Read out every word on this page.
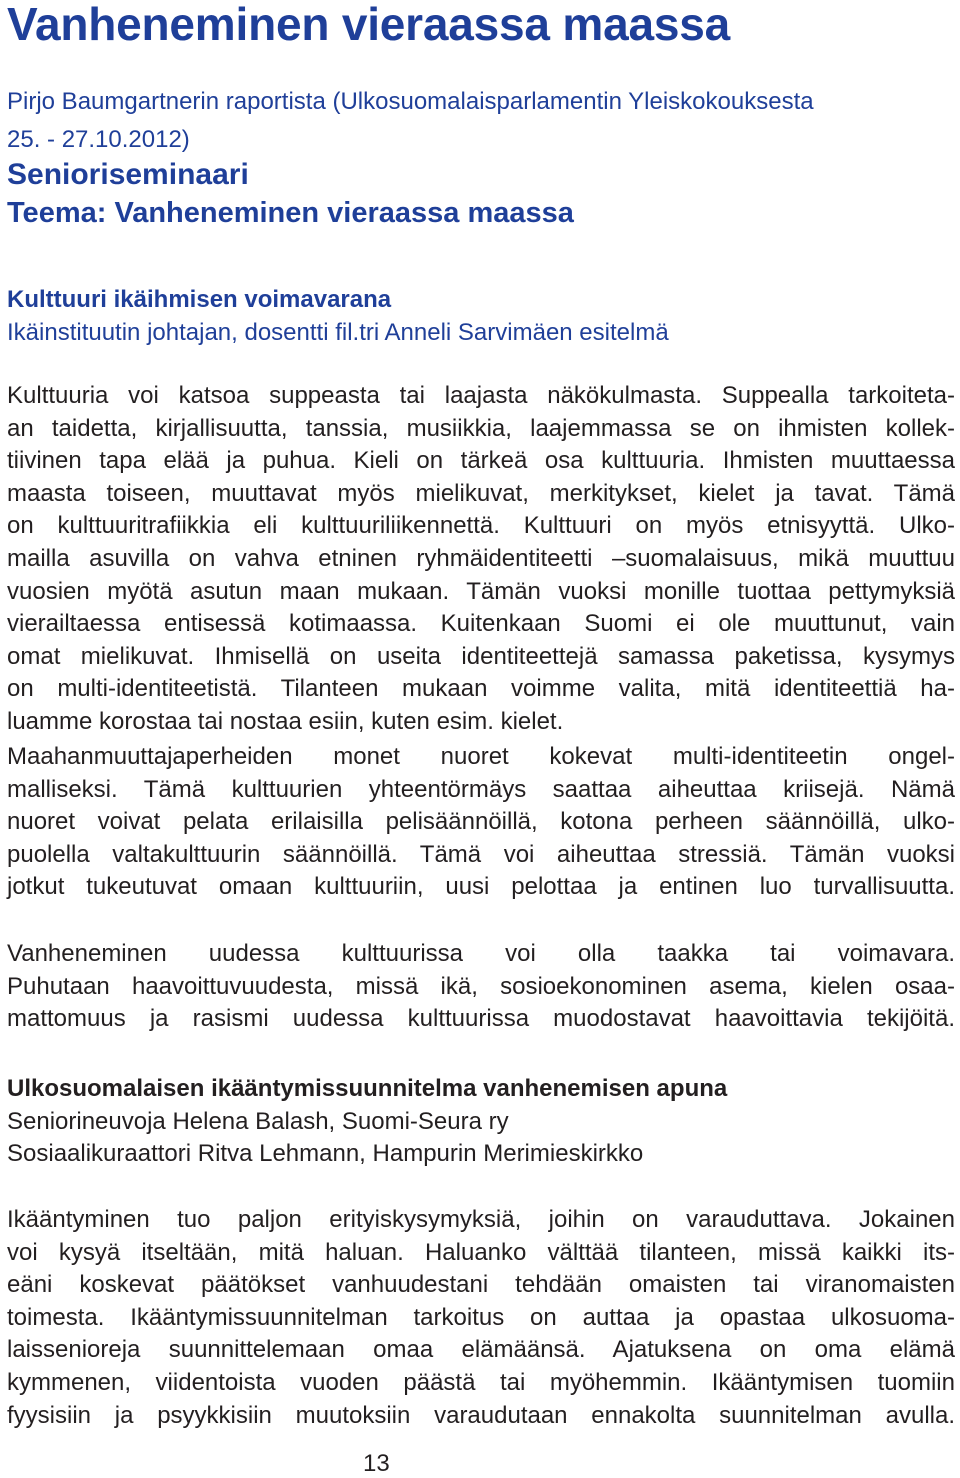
Vanheneminen vieraassa maassa

Pirjo Baumgartnerin raportista (Ulkosuomalaisparlamentin Yleiskokouksesta

25. - 27.10.2012)

Senioriseminaari

Teema: Vanheneminen vieraassa maassa

Kulttuuri ikäihmisen voimavarana

Ikäinstituutin johtajan, dosentti fil.tri Anneli Sarvimäen esitelmä

Kulttuuria voi katsoa suppeasta tai laajasta näkökulmasta. Suppealla tarkoiteta-

an taidetta, kirjallisuutta, tanssia, musiikkia, laajemmassa se on ihmisten kollek-

tiivinen tapa elää ja puhua. Kieli on tärkeä osa kulttuuria. Ihmisten muuttaessa

maasta toiseen, muuttavat myös mielikuvat, merkitykset, kielet ja tavat. Tämä

on kulttuuritrafiikkia eli kulttuuriliikennettä. Kulttuuri on myös etnisyyttä. Ulko-

mailla asuvilla on vahva etninen ryhmäidentiteetti –suomalaisuus, mikä muuttuu

vuosien myötä asutun maan mukaan. Tämän vuoksi monille tuottaa pettymyksiä

vierailtaessa entisessä kotimaassa. Kuitenkaan Suomi ei ole muuttunut, vain

omat mielikuvat. Ihmisellä on useita identiteettejä samassa paketissa, kysymys

on multi-identiteetistä. Tilanteen mukaan voimme valita, mitä identiteettiä ha-

luamme korostaa tai nostaa esiin, kuten esim. kielet.

Maahanmuuttajaperheiden monet nuoret kokevat multi-identiteetin ongel-

malliseksi. Tämä kulttuurien yhteentörmäys saattaa aiheuttaa kriisejä. Nämä

nuoret voivat pelata erilaisilla pelisäännöillä, kotona perheen säännöillä, ulko-

puolella valtakulttuurin säännöillä. Tämä voi aiheuttaa stressiä. Tämän vuoksi

jotkut tukeutuvat omaan kulttuuriin, uusi pelottaa ja entinen luo turvallisuutta.

Vanheneminen uudessa kulttuurissa voi olla taakka tai voimavara.

Puhutaan haavoittuvuudesta, missä ikä, sosioekonominen asema, kielen osaa-

mattomuus ja rasismi uudessa kulttuurissa muodostavat haavoittavia tekijöitä.

Ulkosuomalaisen ikääntymissuunnitelma vanhenemisen apuna

Seniorineuvoja Helena Balash, Suomi-Seura ry

Sosiaalikuraattori Ritva Lehmann, Hampurin Merimieskirkko

Ikääntyminen tuo paljon erityiskysymyksiä, joihin on varauduttava. Jokainen

voi kysyä itseltään, mitä haluan. Haluanko välttää tilanteen, missä kaikki its-

eäni koskevat päätökset vanhuudestani tehdään omaisten tai viranomaisten

toimesta. Ikääntymissuunnitelman tarkoitus on auttaa ja opastaa ulkosuoma-

laissenioreja suunnittelemaan omaa elämäänsä. Ajatuksena on oma elämä

kymmenen, viidentoista vuoden päästä tai myöhemmin. Ikääntymisen tuomiin

fyysisiin ja psyykkisiin muutoksiin varaudutaan ennakolta suunnitelman avulla.

13
